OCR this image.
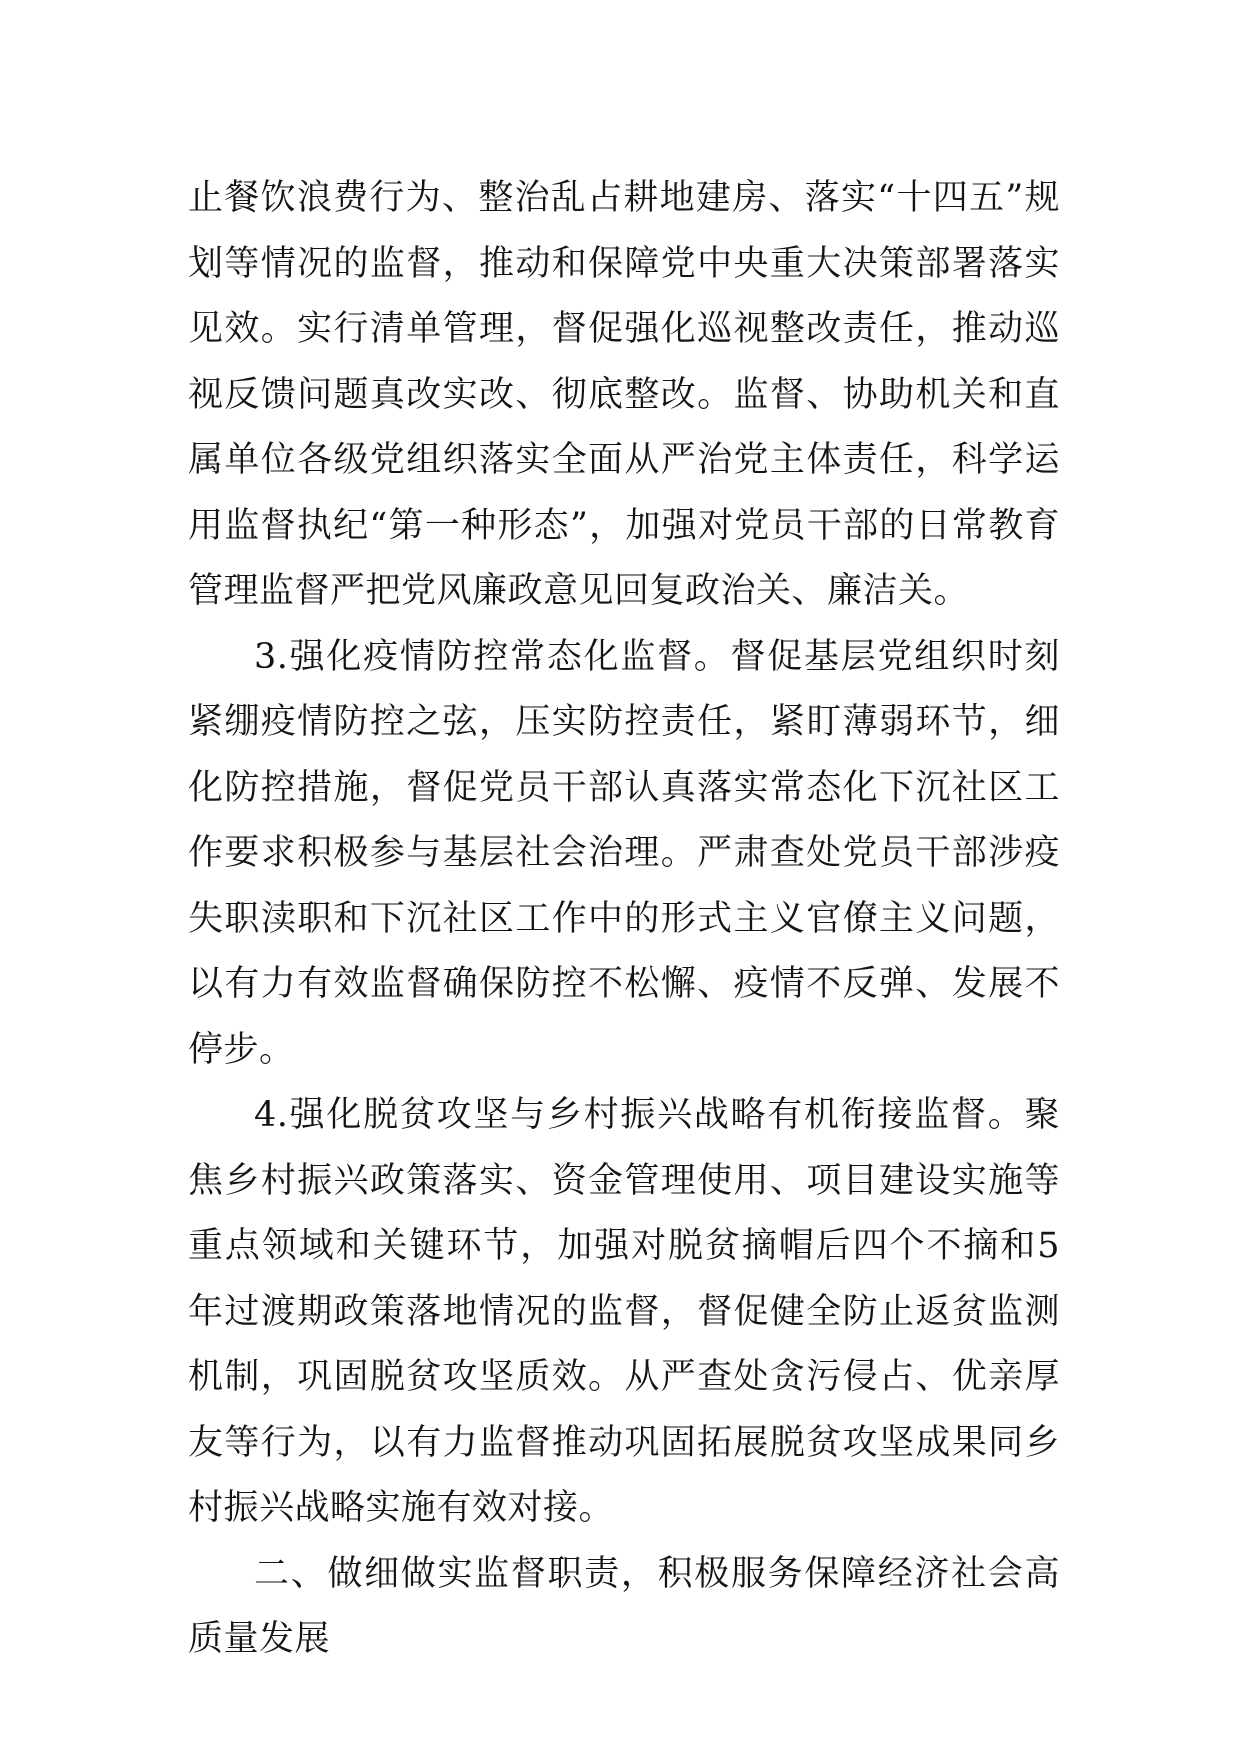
止餐饮浪费行为、整治乱占耕地建房、落实“十四五”规划等情况的监督，推动和保障党中央重大决策部署落实见效。实行清单管理，督促强化巡视整改责任，推动巡视反馈问题真改实改、彻底整改。监督、协助机关和直属单位各级党组织落实全面从严治党主体责任，科学运用监督执纪“第一种形态”，加强对党员干部的日常教育管理监督严把党风廉政意见回复政治关、廉洁关。

3.强化疫情防控常态化监督。督促基层党组织时刻紧绷疫情防控之弦，压实防控责任，紧盯薄弱环节，细化防控措施，督促党员干部认真落实常态化下沉社区工作要求积极参与基层社会治理。严肃查处党员干部涉疫失职渎职和下沉社区工作中的形式主义官僚主义问题，以有力有效监督确保防控不松懈、疫情不反弹、发展不停步。

4.强化脱贫攻坚与乡村振兴战略有机衔接监督。聚焦乡村振兴政策落实、资金管理使用、项目建设实施等重点领域和关键环节，加强对脱贫摘帽后四个不摘和5年过渡期政策落地情况的监督，督促健全防止返贫监测机制，巩固脱贫攻坚质效。从严查处贪污侵占、优亲厚友等行为，以有力监督推动巩固拓展脱贫攻坚成果同乡村振兴战略实施有效对接。

二、做细做实监督职责，积极服务保障经济社会高质量发展
